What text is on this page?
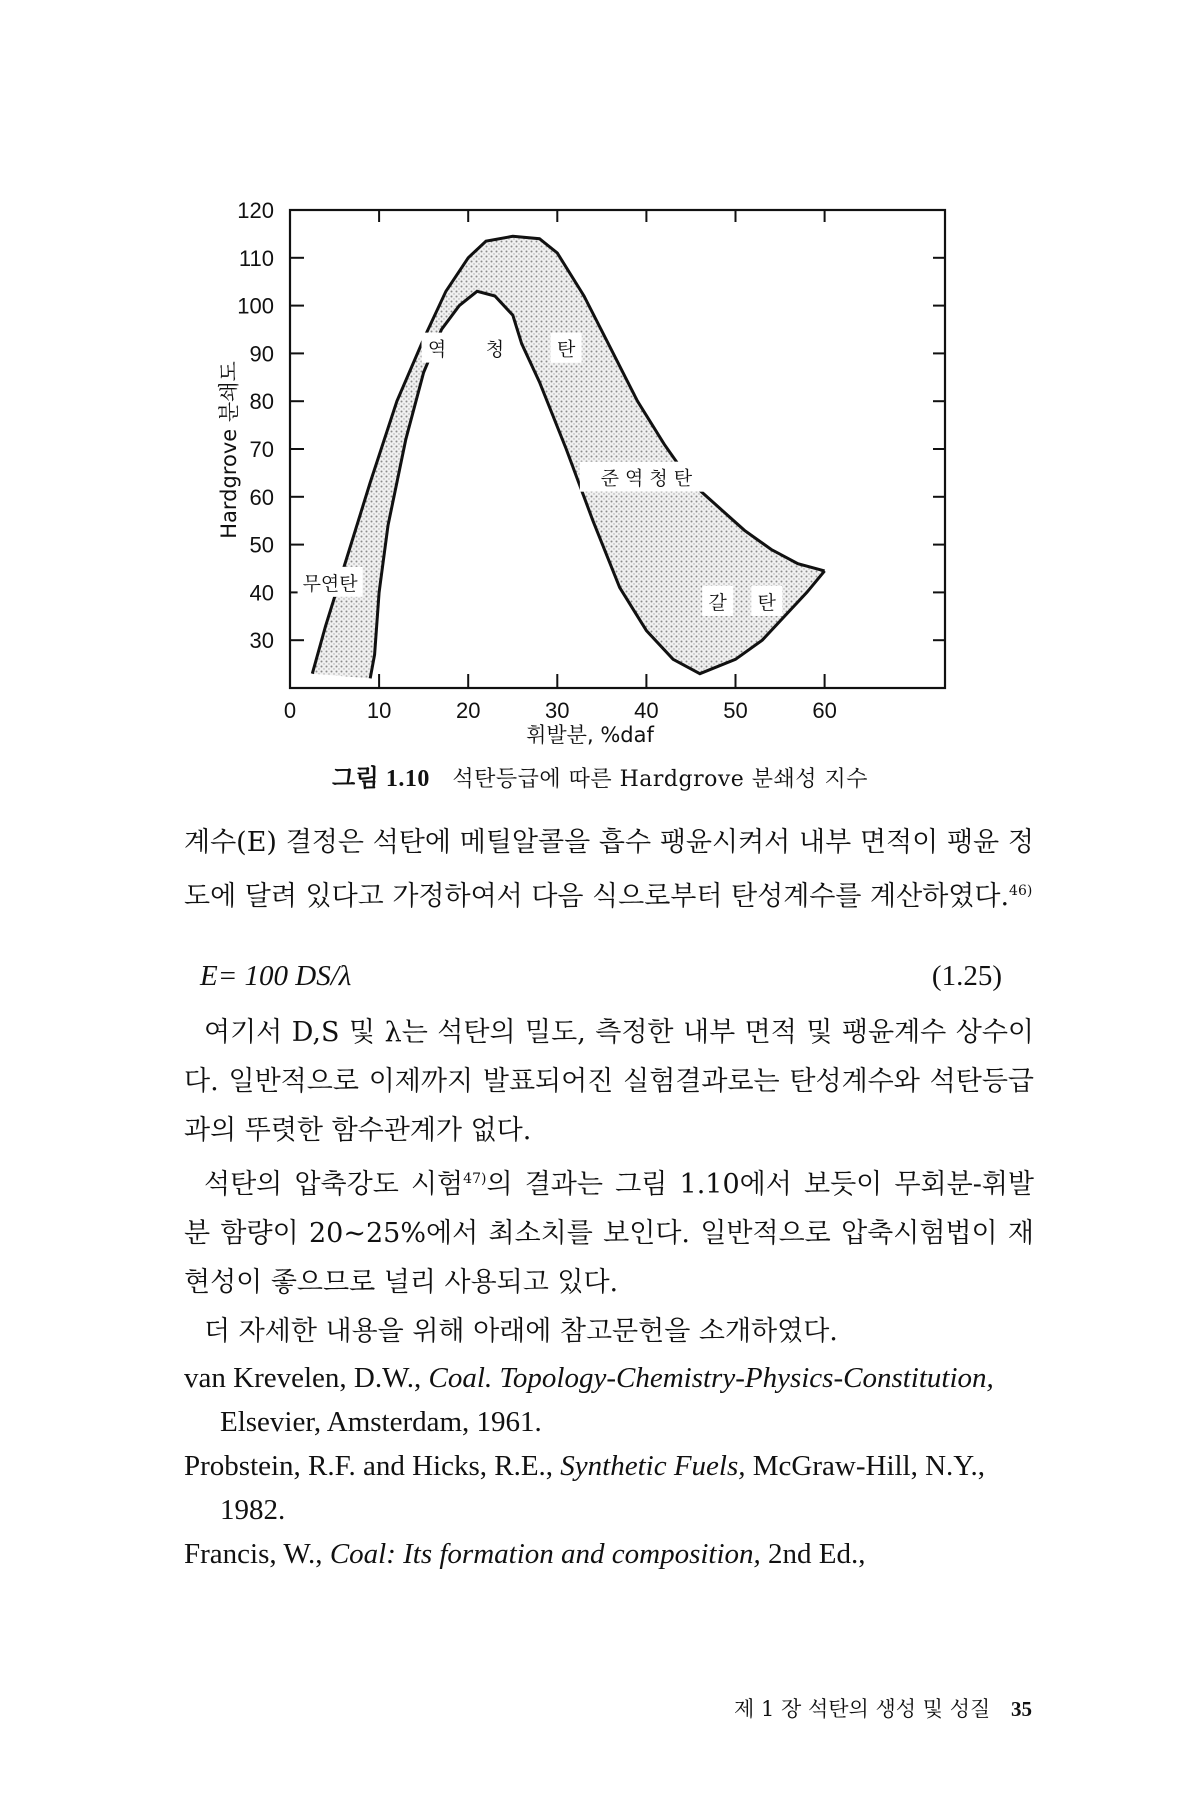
30
40
50
60
70
80
90
100
110
120
0	10	20	30	40	50	60
휘발분, %daf
Hardgrove 분쇄도
역 청	탄
준 역 청 탄
무연탄
갈 탄
그림 1.10 석탄등급에 따른 Hardgrove 분쇄성 지수

계수(E) 결정은 석탄에 메틸알콜을 흡수 팽윤시켜서 내부 면적이 팽윤 정도에 달려 있다고 가정하여서 다음 식으로부터 탄성계수를 계산하였다.$^{46)}$

E= 100 DS/λ	(1.25)

여기서 D,S 및 λ는 석탄의 밀도, 측정한 내부 면적 및 팽윤계수 상수이다. 일반적으로 이제까지 발표되어진 실험결과로는 탄성계수와 석탄등급과의 뚜렷한 함수관계가 없다.

석탄의 압축강도 시험$^{47)}$의 결과는 그림 1.10에서 보듯이 무회분-휘발분 함량이 20~25%에서 최소치를 보인다. 일반적으로 압축시험법이 재현성이 좋으므로 널리 사용되고 있다.

더 자세한 내용을 위해 아래에 참고문헌을 소개하였다.

van Krevelen, D.W., Coal. Topology-Chemistry-Physics-Constitution, Elsevier, Amsterdam, 1961.

Probstein, R.F. and Hicks, R.E., Synthetic Fuels, McGraw-Hill, N.Y., 1982.

Francis, W., Coal: Its formation and composition, 2nd Ed.,

제 1 장 석탄의 생성 및 성질 35
